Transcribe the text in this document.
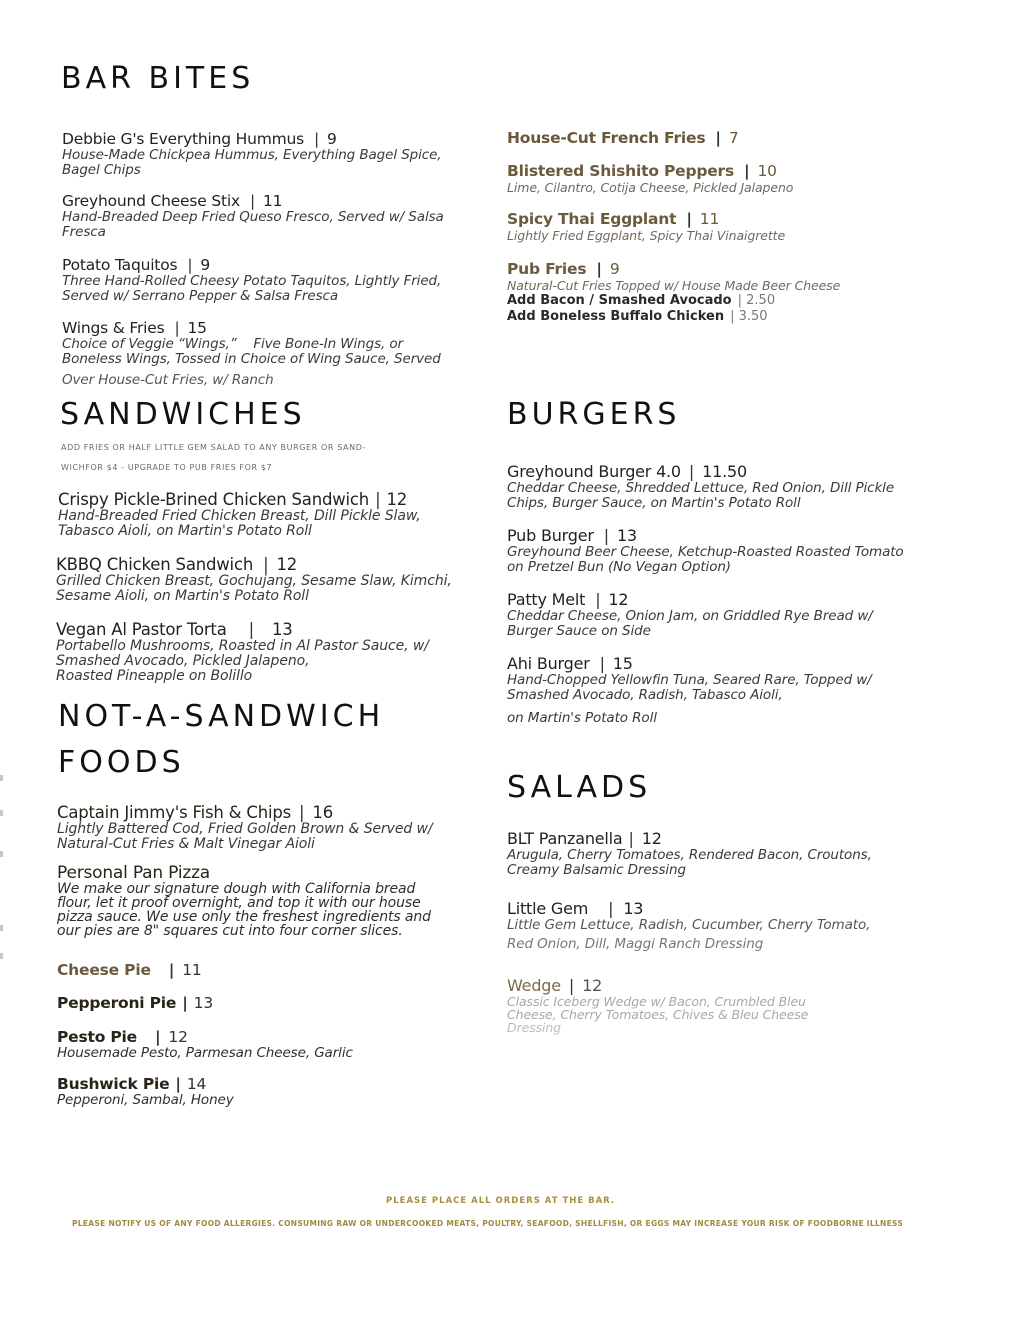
BAR BITES
Debbie G's Everything Hummus | 9
House-Made Chickpea Hummus, Everything Bagel Spice,
Bagel Chips
Greyhound Cheese Stix | 11
Hand-Breaded Deep Fried Queso Fresco, Served w/ Salsa
Fresca
Potato Taquitos | 9
Three Hand-Rolled Cheesy Potato Taquitos, Lightly Fried,
Served w/ Serrano Pepper & Salsa Fresca
Wings & Fries | 15
Choice of Veggie “Wings,”    Five Bone-In Wings, or
Boneless Wings, Tossed in Choice of Wing Sauce, Served
Over House-Cut Fries, w/ Ranch
House-Cut French Fries | 7
Blistered Shishito Peppers | 10
Lime, Cilantro, Cotija Cheese, Pickled Jalapeno
Spicy Thai Eggplant | 11
Lightly Fried Eggplant, Spicy Thai Vinaigrette
Pub Fries | 9
Natural-Cut Fries Topped w/ House Made Beer Cheese
Add Bacon / Smashed Avocado | 2.50
Add Boneless Buffalo Chicken | 3.50
SANDWICHES
ADD FRIES OR HALF LITTLE GEM SALAD TO ANY BURGER OR SAND-
WICHFOR $4 - UPGRADE TO PUB FRIES FOR $7
Crispy Pickle-Brined Chicken Sandwich | 12
Hand-Breaded Fried Chicken Breast, Dill Pickle Slaw,
Tabasco Aioli, on Martin's Potato Roll
KBBQ Chicken Sandwich | 12
Grilled Chicken Breast, Gochujang, Sesame Slaw, Kimchi,
Sesame Aioli, on Martin's Potato Roll
Vegan Al Pastor Torta | 13
Portabello Mushrooms, Roasted in Al Pastor Sauce, w/
Smashed Avocado, Pickled Jalapeno,
Roasted Pineapple on Bolillo
NOT-A-SANDWICH
FOODS
Captain Jimmy's Fish & Chips | 16
Lightly Battered Cod, Fried Golden Brown & Served w/
Natural-Cut Fries & Malt Vinegar Aioli
Personal Pan Pizza
We make our signature dough with California bread
flour, let it proof overnight, and top it with our house
pizza sauce. We use only the freshest ingredients and
our pies are 8" squares cut into four corner slices.
Cheese Pie | 11
Pepperoni Pie | 13
Pesto Pie | 12
Housemade Pesto, Parmesan Cheese, Garlic
Bushwick Pie | 14
Pepperoni, Sambal, Honey
BURGERS
Greyhound Burger 4.0 | 11.50
Cheddar Cheese, Shredded Lettuce, Red Onion, Dill Pickle
Chips, Burger Sauce, on Martin's Potato Roll
Pub Burger | 13
Greyhound Beer Cheese, Ketchup-Roasted Roasted Tomato
on Pretzel Bun (No Vegan Option)
Patty Melt | 12
Cheddar Cheese, Onion Jam, on Griddled Rye Bread w/
Burger Sauce on Side
Ahi Burger | 15
Hand-Chopped Yellowfin Tuna, Seared Rare, Topped w/
Smashed Avocado, Radish, Tabasco Aioli,
on Martin's Potato Roll
SALADS
BLT Panzanella | 12
Arugula, Cherry Tomatoes, Rendered Bacon, Croutons,
Creamy Balsamic Dressing
Little Gem | 13
Little Gem Lettuce, Radish, Cucumber, Cherry Tomato,
Red Onion, Dill, Maggi Ranch Dressing
Wedge | 12
Classic Iceberg Wedge w/ Bacon, Crumbled Bleu
Cheese, Cherry Tomatoes, Chives & Bleu Cheese
Dressing
PLEASE PLACE ALL ORDERS AT THE BAR.
PLEASE NOTIFY US OF ANY FOOD ALLERGIES. CONSUMING RAW OR UNDERCOOKED MEATS, POULTRY, SEAFOOD, SHELLFISH, OR EGGS MAY INCREASE YOUR RISK OF FOODBORNE ILLNESS
